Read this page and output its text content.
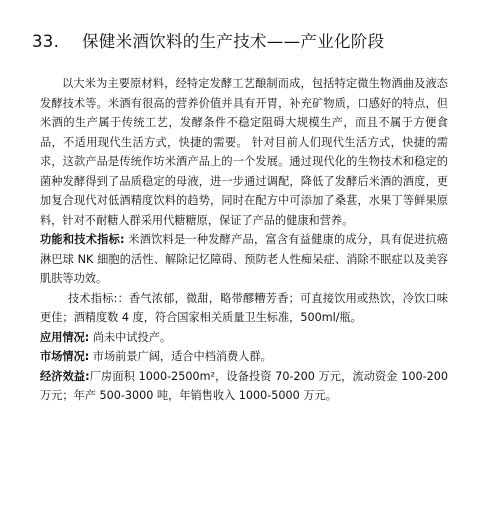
33. 保健米酒饮料的生产技术——产业化阶段

以大米为主要原材料，经特定发酵工艺酿制而成，包括特定微生物酒曲及液态发酵技术等。米酒有很高的营养价值并具有开胃，补充矿物质，口感好的特点，但米酒的生产属于传统工艺，发酵条件不稳定阻碍大规模生产，而且不属于方便食品，不适用现代生活方式，快捷的需要。 针对目前人们现代生活方式，快捷的需求，这款产品是传统作坊米酒产品上的一个发展。通过现代化的生物技术和稳定的菌种发酵得到了品质稳定的母液，进一步通过调配，降低了发酵后米酒的酒度，更加复合现代对低酒精度饮料的趋势，同时在配方中可添加了桑葚，水果丁等鲜果原料，针对不耐糖人群采用代糖糖原，保证了产品的健康和营养。

功能和技术指标: 米酒饮料是一种发酵产品，富含有益健康的成分，具有促进抗癌淋巴球 NK 細胞的活性、解除记忆障碍、预防老人性痴呆症、消除不眠症以及美容肌肤等功效。

技术指标:：香气浓郁，微甜，略带醪糟芳香；可直接饮用或热饮，冷饮口味更佳；酒精度数 4 度，符合国家相关质量卫生标准，500ml/瓶。

应用情况: 尚未中试投产。

市场情况: 市场前景广阔，适合中档消费人群。

经济效益:厂房面积 1000-2500m²，设备投资 70-200 万元，流动资金 100-200 万元；年产 500-3000 吨，年销售收入 1000-5000 万元。
